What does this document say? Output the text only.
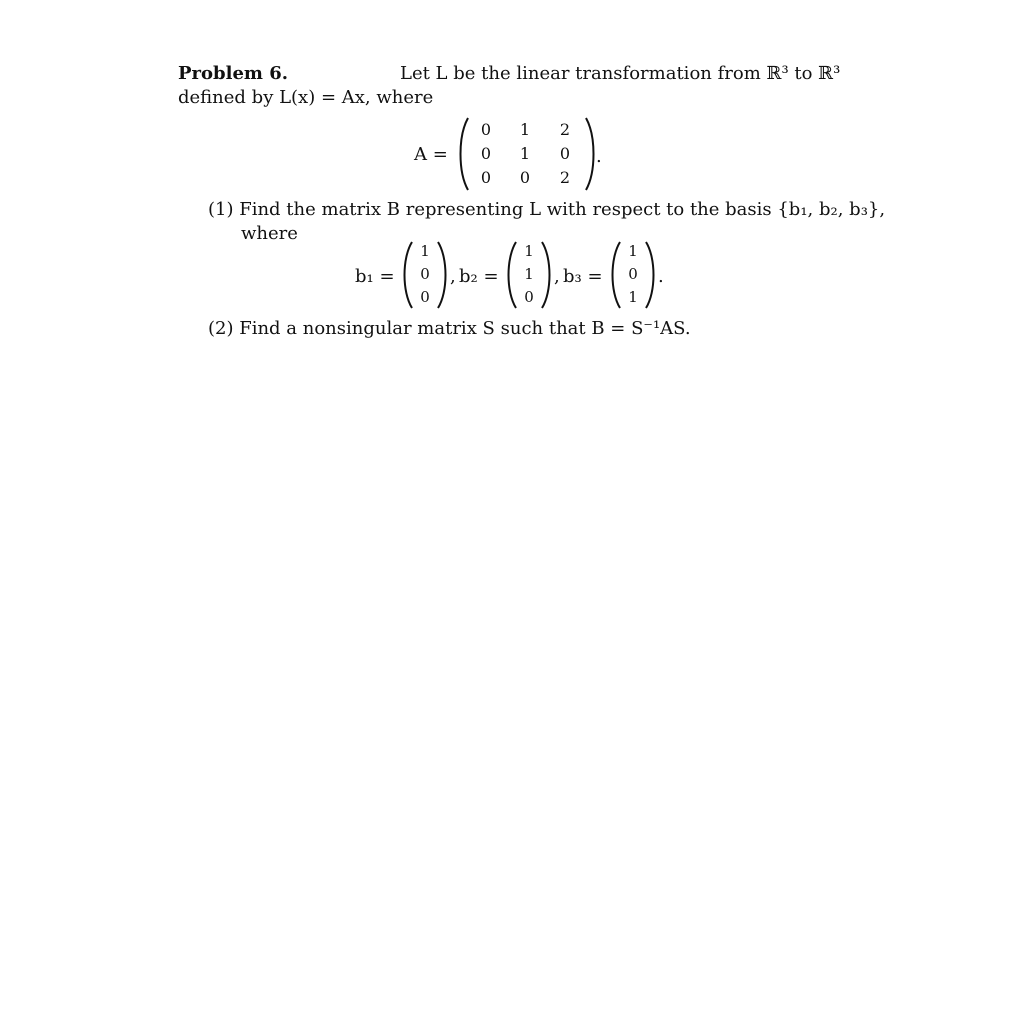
Problem 6.	Let L be the linear transformation from ℝ³ to ℝ³
defined by L(x) = Ax, where
A =
0	1	2
0	1	0
0	0	2
.
(1) Find the matrix B representing L with respect to the basis {b₁, b₂, b₃},
where
b₁ =
1
0
0
, b₂ =
1
1
0
, b₃ =
1
0
1
.
(2) Find a nonsingular matrix S such that B = S⁻¹AS.
